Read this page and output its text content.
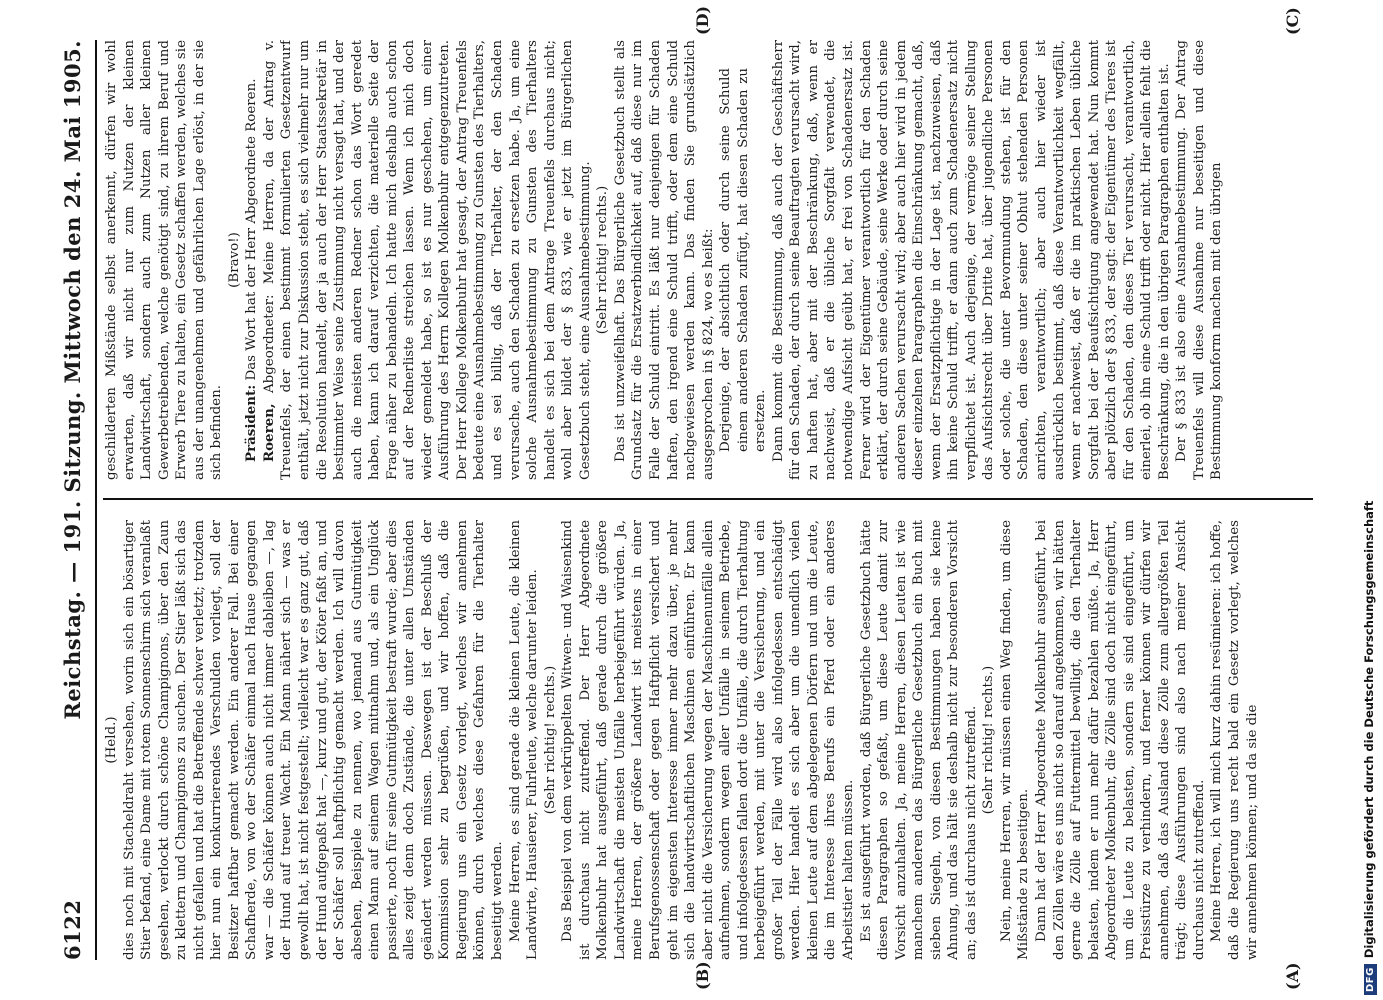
6122
Reichstag. — 191. Sitzung. Mittwoch den 24. Mai 1905.

(Held.) dies noch mit Stacheldraht versehen, worin sich ein bösartiger Stier befand, eine Dame mit rotem Sonnenschirm sich veranlaßt gesehen, verlockt durch schöne Champignons, über den Zaun zu klettern und Champignons zu suchen. Der Stier läßt sich das nicht gefallen und hat die Betreffende schwer verletzt; trotzdem hier nun ein konkurrierendes Verschulden vorliegt, soll der Besitzer haftbar gemacht werden. Ein anderer Fall. Bei einer Schafherde, von wo der Schäfer einmal nach Hause gegangen war — die Schäfer können auch nicht immer dableiben —, lag der Hund auf treuer Wacht. Ein Mann nähert sich — was er gewollt hat, ist nicht festgestellt; vielleicht war es ganz gut, daß der Hund aufgepaßt hat —, kurz und gut, der Köter faßt an, und der Schäfer soll haftpflichtig gemacht werden. Ich will davon absehen, Beispiele zu nennen, wo jemand aus Gutmütigkeit einen Mann auf seinem Wagen mitnahm und, als ein Unglück passierte, noch für seine Gutmütigkeit bestraft wurde; aber dies alles zeigt denn doch Zustände, die unter allen Umständen geändert werden müssen. Deswegen ist der Beschluß der Kommission sehr zu begrüßen, und wir hoffen, daß die Regierung uns ein Gesetz vorlegt, welches wir annehmen können, durch welches diese Gefahren für die Tierhalter beseitigt werden. Meine Herren, es sind gerade die kleinen Leute, die kleinen Landwirte, Hausierer, Fuhrleute, welche darunter leiden. (Sehr richtig! rechts.) Das Beispiel von dem verkrüppelten Witwen- und Waisenkind ist durchaus nicht zutreffend. Der Herr Abgeordnete Molkenbuhr hat ausgeführt, daß gerade durch die größere Landwirtschaft die meisten Unfälle herbeigeführt würden. Ja, meine Herren, der größere Landwirt ist meistens in einer Berufsgenossenschaft oder gegen Haftpflicht versichert und geht im eigensten Interesse immer mehr dazu über, je mehr sich die landwirtschaftlichen Maschinen einführen. Er kann aber nicht die Versicherung wegen der Maschinenunfälle allein aufnehmen, sondern wegen aller Unfälle in seinem Betriebe, und infolgedessen fallen dort die Unfälle, die durch Tierhaltung herbeigeführt werden, mit unter die Versicherung, und ein großer Teil der Fälle wird also infolgedessen entschädigt werden. Hier handelt es sich aber um die unendlich vielen kleinen Leute auf dem abgelegenen Dörfern und um die Leute, die im Interesse ihres Berufs ein Pferd oder ein anderes Arbeitstier halten müssen. Es ist ausgeführt worden, daß Bürgerliche Gesetzbuch hätte diesen Paragraphen so gefaßt, um diese Leute damit zur Vorsicht anzuhalten. Ja, meine Herren, diesen Leuten ist wie manchem anderen das Bürgerliche Gesetzbuch ein Buch mit sieben Siegeln, von diesen Bestimmungen haben sie keine Ahnung, und das hält sie deshalb nicht zur besonderen Vorsicht an; das ist durchaus nicht zutreffend. (Sehr richtig! rechts.) Nein, meine Herren, wir müssen einen Weg finden, um diese Mißstände zu beseitigen. Dann hat der Herr Abgeordnete Molkenbuhr ausgeführt, bei den Zöllen wäre es uns nicht so darauf angekommen, wir hätten gerne die Zölle auf Futtermittel bewilligt, die den Tierhalter belasten, indem er nun mehr dafür bezahlen müßte. Ja, Herr Abgeordneter Molkenbuhr, die Zölle sind doch nicht eingeführt, um die Leute zu belasten, sondern sie sind eingeführt, um Preisstürze zu verhindern, und ferner können wir dürfen wir annehmen, daß das Ausland diese Zölle zum allergrößten Teil trägt; diese Ausführungen sind also nach meiner Ansicht durchaus nicht zutreffend. Meine Herren, ich will mich kurz dahin resümieren: ich hoffe, daß die Regierung uns recht bald ein Gesetz vorlegt, welches wir annehmen können; und da sie die

geschilderten Mißstände selbst anerkennt, dürfen wir wohl erwarten, daß wir nicht nur zum Nutzen der kleinen Landwirtschaft, sondern auch zum Nutzen aller kleinen Gewerbetreibenden, welche genötigt sind, zu ihrem Beruf und Erwerb Tiere zu halten, ein Gesetz schaffen werden, welches sie aus der unangenehmen und gefährlichen Lage erlöst, in der sie sich befinden.

(Bravo!)

Präsident: Das Wort hat der Herr Abgeordnete Roeren.

Roeren, Abgeordneter: Meine Herren, da der Antrag v. Treuenfels, der einen bestimmt formulierten Gesetzentwurf enthält, jetzt nicht zur Diskussion steht, es sich vielmehr nur um die Resolution handelt, der ja auch der Herr Staatssekretär in bestimmter Weise seine Zustimmung nicht versagt hat, und der auch die meisten anderen Redner schon das Wort geredet haben, kann ich darauf verzichten, die materielle Seite der Frage näher zu behandeln. Ich hatte mich deshalb auch schon auf der Rednerliste streichen lassen. Wenn ich mich doch wieder gemeldet habe, so ist es nur geschehen, um einer Ausführung des Herrn Kollegen Molkenbuhr entgegenzutreten. Der Herr Kollege Molkenbuhr hat gesagt, der Antrag Treuenfels bedeute eine Ausnahmebestimmung zu Gunsten des Tierhalters, und es sei billig, daß der Tierhalter, der den Schaden verursache, auch den Schaden zu ersetzen habe. Ja, um eine solche Ausnahmebestimmung zu Gunsten des Tierhalters handelt es sich bei dem Antrage Treuenfels durchaus nicht; wohl aber bildet der § 833, wie er jetzt im Bürgerlichen Gesetzbuch steht, eine Ausnahmebestimmung. (Sehr richtig! rechts.) Das ist unzweifelhaft. Das Bürgerliche Gesetzbuch stellt als Grundsatz für die Ersatzverbindlichkeit auf, daß diese nur im Falle der Schuld eintritt. Es läßt nur denjenigen für Schaden haften, den irgend eine Schuld trifft, oder dem eine Schuld nachgewiesen werden kann. Das finden Sie grundsätzlich ausgesprochen in § 824, wo es heißt: Derjenige, der absichtlich oder durch seine Schuld einem anderen Schaden zufügt, hat diesen Schaden zu ersetzen. Dann kommt die Bestimmung, daß auch der Geschäftsherr für den Schaden, der durch seine Beauftragten verursacht wird, zu haften hat, aber mit der Beschränkung, daß, wenn er nachweist, daß er die übliche Sorgfalt verwendet, die notwendige Aufsicht geübt hat, er frei von Schadenersatz ist. Ferner wird der Eigentümer verantwortlich für den Schaden erklärt, der durch seine Gebäude, seine Werke oder durch seine anderen Sachen verursacht wird; aber auch hier wird in jedem dieser einzelnen Paragraphen die Einschränkung gemacht, daß, wenn der Ersatzpflichtige in der Lage ist, nachzuweisen, daß ihn keine Schuld trifft, er dann auch zum Schadenersatz nicht verpflichtet ist. Auch derjenige, der vermöge seiner Stellung das Aufsichtsrecht über Dritte hat, über jugendliche Personen oder solche, die unter Bevormundung stehen, ist für den Schaden, den diese unter seiner Obhut stehenden Personen anrichten, verantwortlich; aber auch hier wieder ist ausdrücklich bestimmt, daß diese Verantwortlichkeit wegfällt, wenn er nachweist, daß er die im praktischen Leben übliche Sorgfalt bei der Beaufsichtigung angewendet hat. Nun kommt aber plötzlich der § 833, der sagt: der Eigentümer des Tieres ist für den Schaden, den dieses Tier verursacht, verantwortlich, einerlei, ob ihn eine Schuld trifft oder nicht. Hier allein fehlt die Beschränkung, die in den übrigen Paragraphen enthalten ist. Der § 833 ist also eine Ausnahmebestimmung. Der Antrag Treuenfels will diese Ausnahme nur beseitigen und diese Bestimmung konform machen mit den übrigen

(A)
(B)
(C)
(D)
DFGDigitalisierung gefördert durch die Deutsche Forschungsgemeinschaft
